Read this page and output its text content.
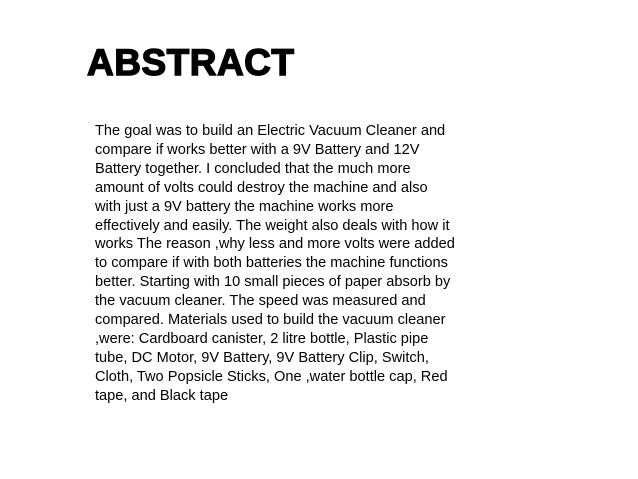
ABSTRACT

The goal was to build an Electric Vacuum Cleaner and
compare if works better with a 9V Battery and 12V
Battery together. I concluded that the much more
amount of volts could destroy the machine and also
with just a 9V battery the machine works more
effectively and easily. The weight also deals with how it
works The reason ,why less and more volts were added
to compare if with both batteries the machine functions
better. Starting with 10 small pieces of paper absorb by
the vacuum cleaner. The speed was measured and
compared. Materials used to build the vacuum cleaner
,were: Cardboard canister, 2 litre bottle, Plastic pipe
tube, DC Motor, 9V Battery, 9V Battery Clip, Switch,
Cloth, Two Popsicle Sticks, One ,water bottle cap, Red
tape, and Black tape
